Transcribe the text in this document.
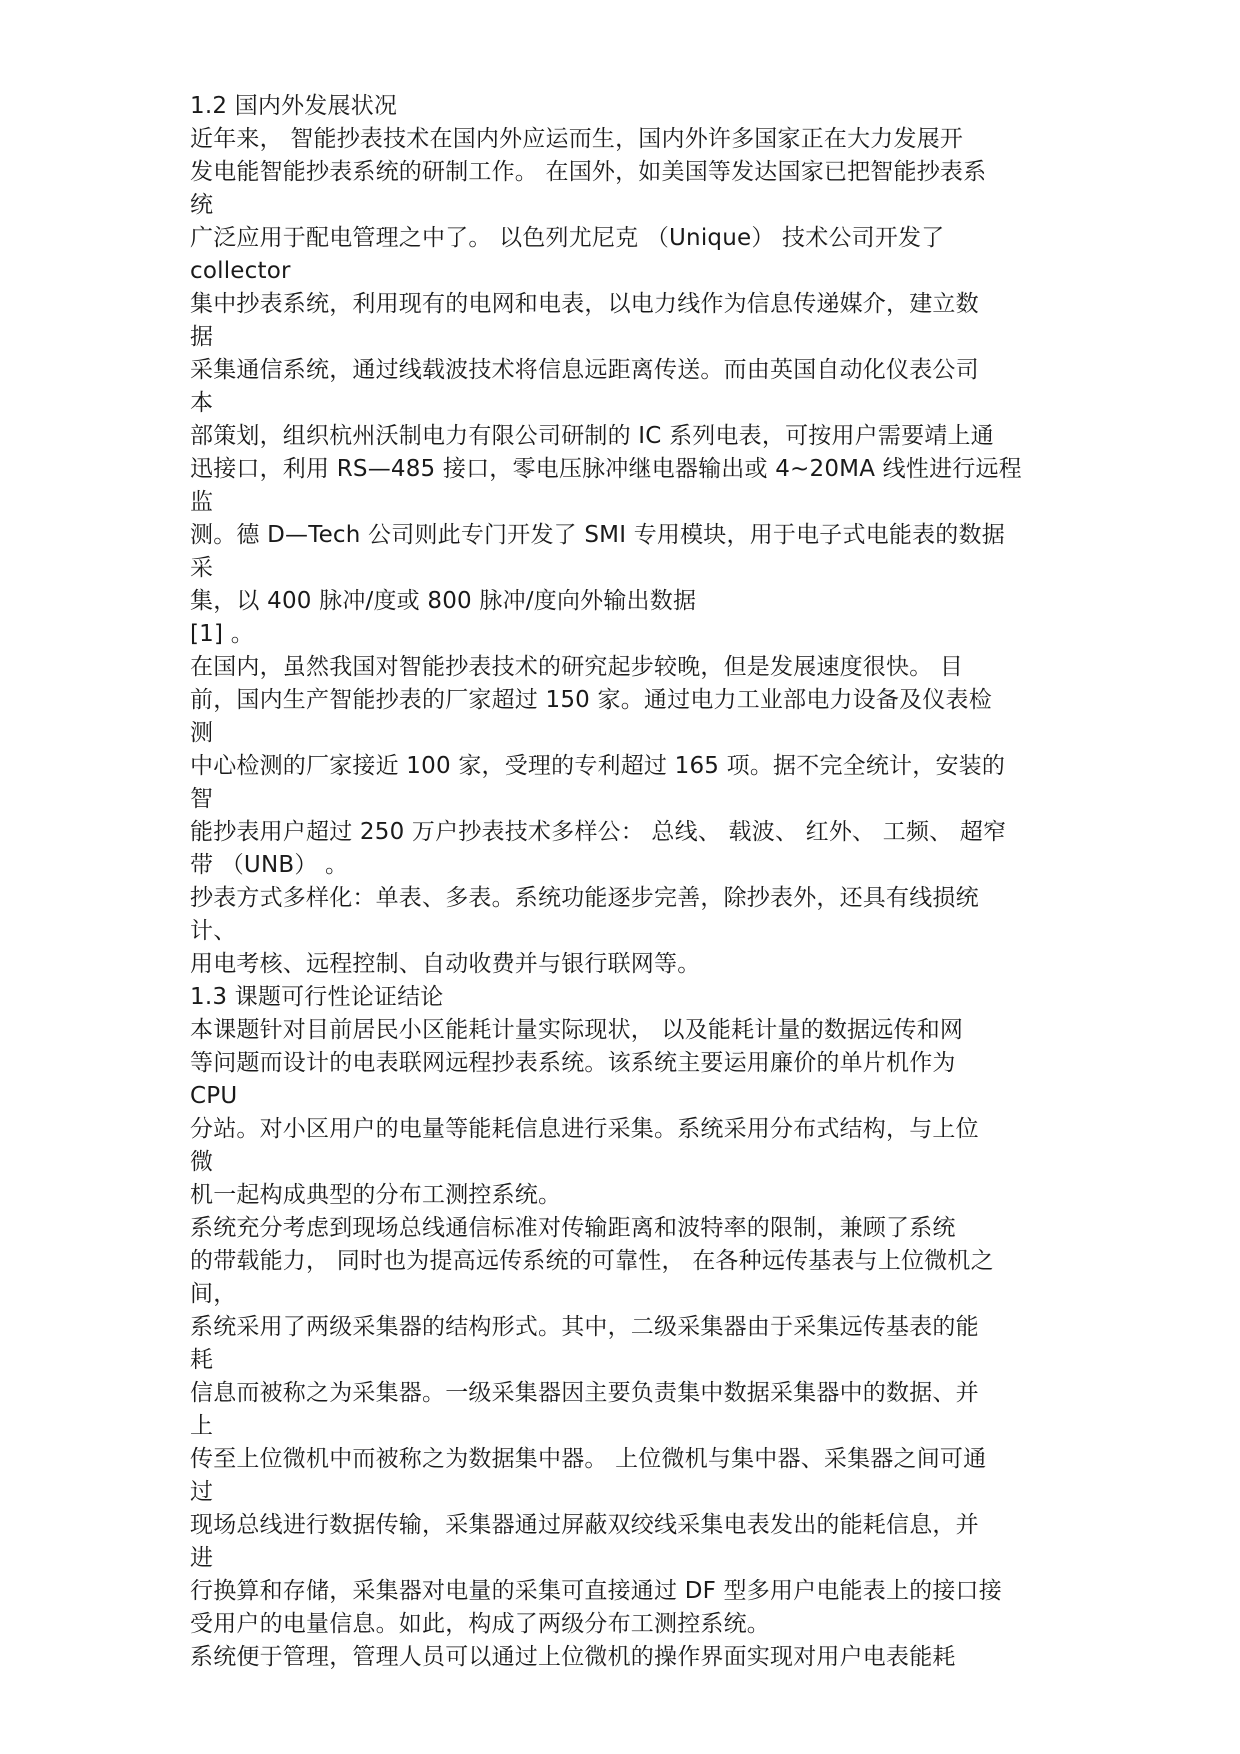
1.2 国内外发展状况
近年来， 智能抄表技术在国内外应运而生，国内外许多国家正在大力发展开
发电能智能抄表系统的研制工作。 在国外，如美国等发达国家已把智能抄表系
统
广泛应用于配电管理之中了。 以色列尤尼克 （Unique） 技术公司开发了
collector
集中抄表系统，利用现有的电网和电表，以电力线作为信息传递媒介，建立数
据
采集通信系统，通过线载波技术将信息远距离传送。而由英国自动化仪表公司
本
部策划，组织杭州沃制电力有限公司研制的 IC 系列电表，可按用户需要靖上通
迅接口，利用 RS—485 接口，零电压脉冲继电器输出或 4~20MA 线性进行远程
监
测。德 D—Tech 公司则此专门开发了 SMI 专用模块，用于电子式电能表的数据
采
集，以 400 脉冲/度或 800 脉冲/度向外输出数据
[1] 。
在国内，虽然我国对智能抄表技术的研究起步较晚，但是发展速度很快。 目
前，国内生产智能抄表的厂家超过 150 家。通过电力工业部电力设备及仪表检
测
中心检测的厂家接近 100 家，受理的专利超过 165 项。据不完全统计，安装的
智
能抄表用户超过 250 万户抄表技术多样公： 总线、 载波、 红外、 工频、 超窄
带 （UNB） 。
抄表方式多样化：单表、多表。系统功能逐步完善，除抄表外，还具有线损统
计、
用电考核、远程控制、自动收费并与银行联网等。
1.3 课题可行性论证结论
本课题针对目前居民小区能耗计量实际现状， 以及能耗计量的数据远传和网
等问题而设计的电表联网远程抄表系统。该系统主要运用廉价的单片机作为
CPU
分站。对小区用户的电量等能耗信息进行采集。系统采用分布式结构，与上位
微
机一起构成典型的分布工测控系统。
系统充分考虑到现场总线通信标准对传输距离和波特率的限制，兼顾了系统
的带载能力， 同时也为提高远传系统的可靠性， 在各种远传基表与上位微机之
间，
系统采用了两级采集器的结构形式。其中，二级采集器由于采集远传基表的能
耗
信息而被称之为采集器。一级采集器因主要负责集中数据采集器中的数据、并
上
传至上位微机中而被称之为数据集中器。 上位微机与集中器、采集器之间可通
过
现场总线进行数据传输，采集器通过屏蔽双绞线采集电表发出的能耗信息，并
进
行换算和存储，采集器对电量的采集可直接通过 DF 型多用户电能表上的接口接
受用户的电量信息。如此，构成了两级分布工测控系统。
系统便于管理，管理人员可以通过上位微机的操作界面实现对用户电表能耗
